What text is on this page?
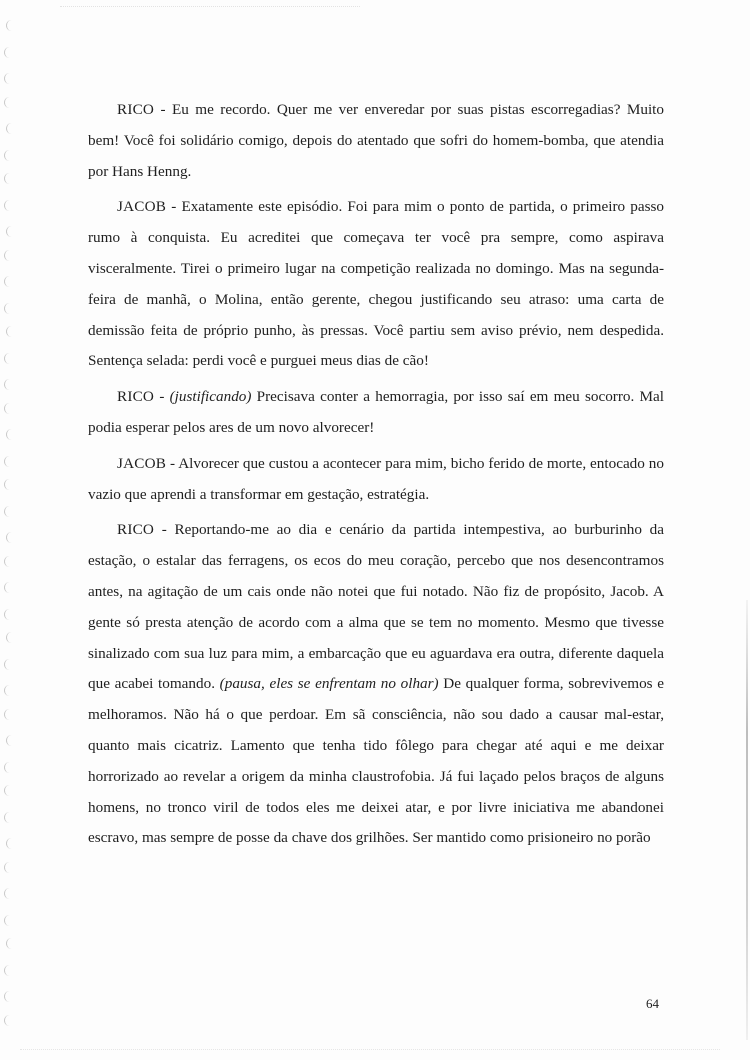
RICO - Eu me recordo. Quer me ver enveredar por suas pistas escorregadias? Muito bem! Você foi solidário comigo, depois do atentado que sofri do homem-bomba, que atendia por Hans Henng.

JACOB - Exatamente este episódio. Foi para mim o ponto de partida, o primeiro passo rumo à conquista. Eu acreditei que começava ter você pra sempre, como aspirava visceralmente. Tirei o primeiro lugar na competição realizada no domingo. Mas na segunda-feira de manhã, o Molina, então gerente, chegou justificando seu atraso: uma carta de demissão feita de próprio punho, às pressas. Você partiu sem aviso prévio, nem despedida. Sentença selada: perdi você e purguei meus dias de cão!

RICO - (justificando) Precisava conter a hemorragia, por isso saí em meu socorro. Mal podia esperar pelos ares de um novo alvorecer!

JACOB - Alvorecer que custou a acontecer para mim, bicho ferido de morte, entocado no vazio que aprendi a transformar em gestação, estratégia.

RICO - Reportando-me ao dia e cenário da partida intempestiva, ao burburinho da estação, o estalar das ferragens, os ecos do meu coração, percebo que nos desencontramos antes, na agitação de um cais onde não notei que fui notado. Não fiz de propósito, Jacob. A gente só presta atenção de acordo com a alma que se tem no momento. Mesmo que tivesse sinalizado com sua luz para mim, a embarcação que eu aguardava era outra, diferente daquela que acabei tomando. (pausa, eles se enfrentam no olhar) De qualquer forma, sobrevivemos e melhoramos. Não há o que perdoar. Em sã consciência, não sou dado a causar mal-estar, quanto mais cicatriz. Lamento que tenha tido fôlego para chegar até aqui e me deixar horrorizado ao revelar a origem da minha claustrofobia. Já fui laçado pelos braços de alguns homens, no tronco viril de todos eles me deixei atar, e por livre iniciativa me abandonei escravo, mas sempre de posse da chave dos grilhões. Ser mantido como prisioneiro no porão

64
